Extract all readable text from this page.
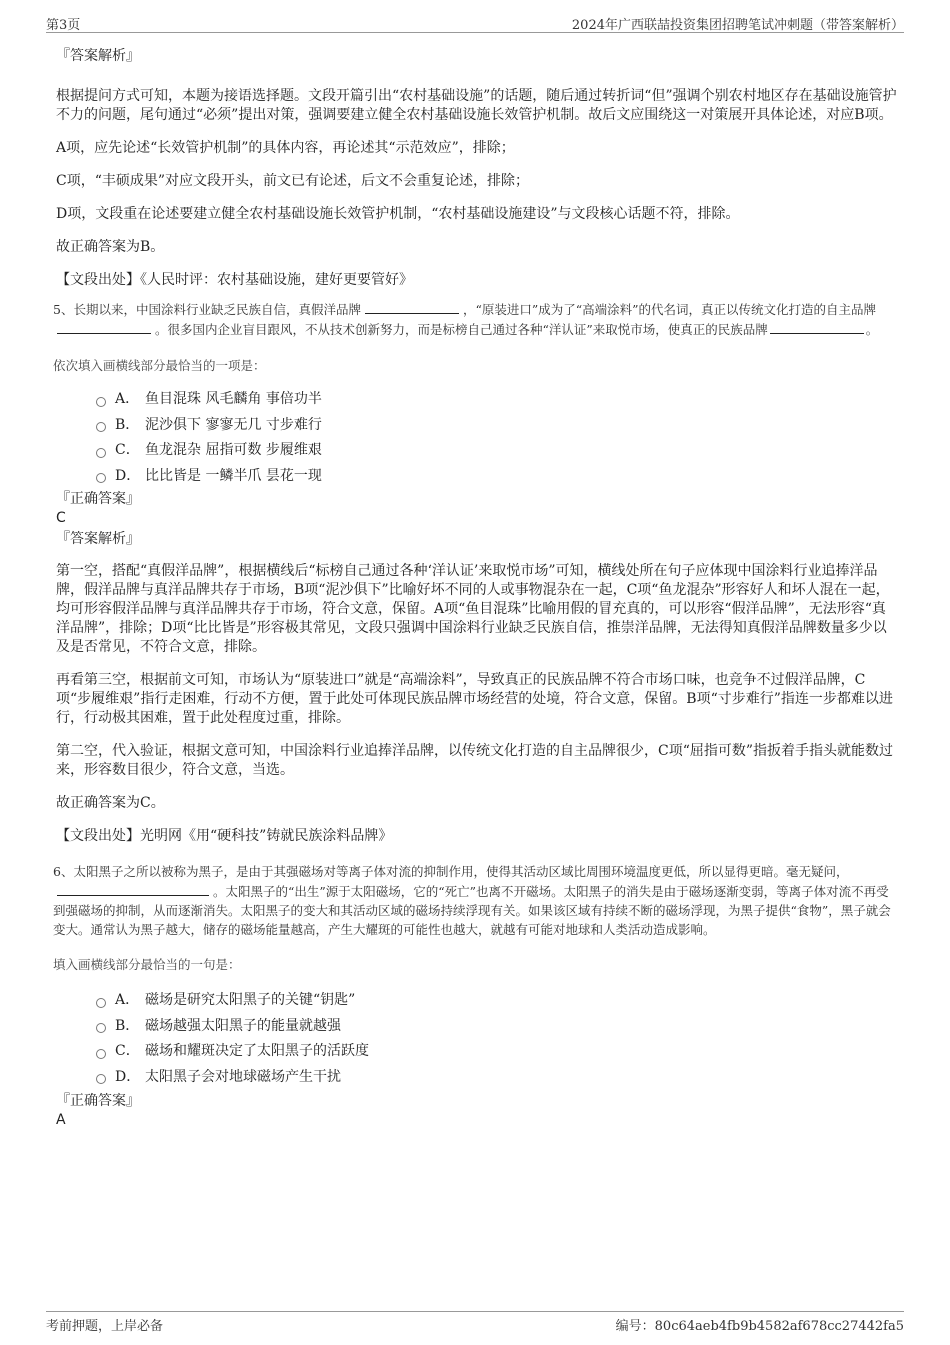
第3页	2024年广西联喆投资集团招聘笔试冲刺题（带答案解析）

『答案解析』

根据提问方式可知，本题为接语选择题。文段开篇引出“农村基础设施”的话题，随后通过转折词“但”强调个别农村地区存在基础设施管护不力的问题，尾句通过“必须”提出对策，强调要建立健全农村基础设施长效管护机制。故后文应围绕这一对策展开具体论述，对应B项。

A项，应先论述“长效管护机制”的具体内容，再论述其“示范效应”，排除；

C项，“丰硕成果”对应文段开头，前文已有论述，后文不会重复论述，排除；

D项，文段重在论述要建立健全农村基础设施长效管护机制，“农村基础设施建设”与文段核心话题不符，排除。

故正确答案为B。

【文段出处】《人民时评：农村基础设施，建好更要管好》

5、长期以来，中国涂料行业缺乏民族自信，真假洋品牌	，“原装进口”成为了“高端涂料”的代名词，真正以传统文化打造的自主品牌。很多国内企业盲目跟风，不从技术创新努力，而是标榜自己通过各种“洋认证”来取悦市场，使真正的民族品牌	。

依次填入画横线部分最恰当的一项是：

A． 鱼目混珠 风毛麟角 事倍功半
B． 泥沙俱下 寥寥无几 寸步难行
C． 鱼龙混杂 屈指可数 步履维艰
D． 比比皆是 一鳞半爪 昙花一现

『正确答案』

C

『答案解析』

第一空，搭配“真假洋品牌”，根据横线后“标榜自己通过各种‘洋认证’来取悦市场”可知，横线处所在句子应体现中国涂料行业追捧洋品牌，假洋品牌与真洋品牌共存于市场，B项“泥沙俱下”比喻好坏不同的人或事物混杂在一起，C项“鱼龙混杂”形容好人和坏人混在一起，均可形容假洋品牌与真洋品牌共存于市场，符合文意，保留。A项“鱼目混珠”比喻用假的冒充真的，可以形容“假洋品牌”，无法形容“真洋品牌”，排除；D项“比比皆是”形容极其常见，文段只强调中国涂料行业缺乏民族自信，推崇洋品牌，无法得知真假洋品牌数量多少以及是否常见，不符合文意，排除。

再看第三空，根据前文可知，市场认为“原装进口”就是“高端涂料”，导致真正的民族品牌不符合市场口味，也竞争不过假洋品牌，C项“步履维艰”指行走困难，行动不方便，置于此处可体现民族品牌市场经营的处境，符合文意，保留。B项“寸步难行”指连一步都难以进行，行动极其困难，置于此处程度过重，排除。

第二空，代入验证，根据文意可知，中国涂料行业追捧洋品牌，以传统文化打造的自主品牌很少，C项“屈指可数”指扳着手指头就能数过来，形容数目很少，符合文意，当选。

故正确答案为C。

【文段出处】光明网《用“硬科技”铸就民族涂料品牌》

6、太阳黑子之所以被称为黑子，是由于其强磁场对等离子体对流的抑制作用，使得其活动区域比周围环境温度更低，所以显得更暗。毫无疑问，。太阳黑子的“出生”源于太阳磁场，它的“死亡”也离不开磁场。太阳黑子的消失是由于磁场逐渐变弱，等离子体对流不再受到强磁场的抑制，从而逐渐消失。太阳黑子的变大和其活动区域的磁场持续浮现有关。如果该区域有持续不断的磁场浮现，为黑子提供“食物”，黑子就会变大。通常认为黑子越大，储存的磁场能量越高，产生大耀斑的可能性也越大，就越有可能对地球和人类活动造成影响。

填入画横线部分最恰当的一句是：

A． 磁场是研究太阳黑子的关键“钥匙”
B． 磁场越强太阳黑子的能量就越强
C． 磁场和耀斑决定了太阳黑子的活跃度
D． 太阳黑子会对地球磁场产生干扰

『正确答案』

A

考前押题，上岸必备	编号：80c64aeb4fb9b4582af678cc27442fa5
